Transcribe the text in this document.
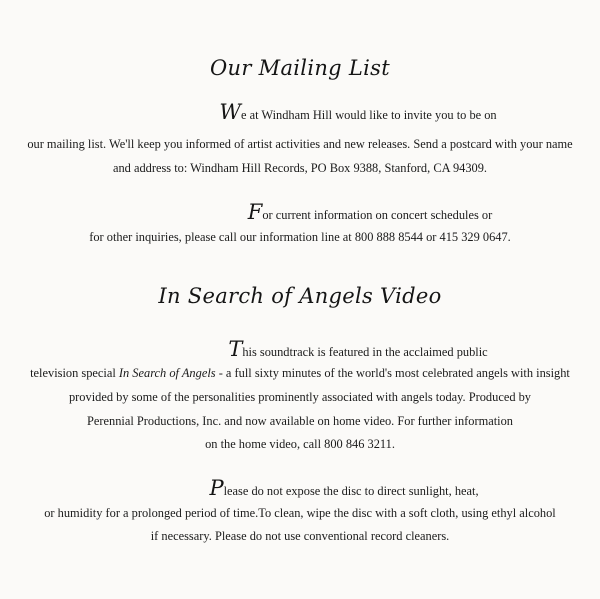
Our Mailing List
We at Windham Hill would like to invite you to be on
our mailing list. We'll keep you informed of artist activities and new releases. Send a postcard with your name
and address to: Windham Hill Records, PO Box 9388, Stanford, CA 94309.
For current information on concert schedules or
for other inquiries, please call our information line at 800 888 8544 or 415 329 0647.
In Search of Angels Video
This soundtrack is featured in the acclaimed public
television special In Search of Angels - a full sixty minutes of the world's most celebrated angels with insight
provided by some of the personalities prominently associated with angels today. Produced by
Perennial Productions, Inc. and now available on home video. For further information
on the home video, call 800 846 3211.
Please do not expose the disc to direct sunlight, heat,
or humidity for a prolonged period of time.To clean, wipe the disc with a soft cloth, using ethyl alcohol
if necessary. Please do not use conventional record cleaners.
